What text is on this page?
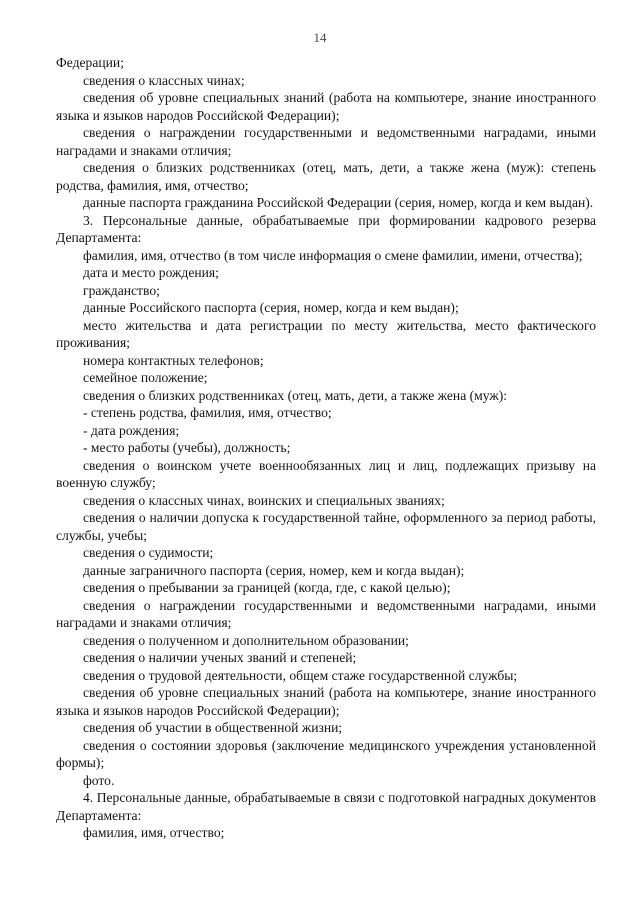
14

Федерации;

сведения о классных чинах;

сведения об уровне специальных знаний (работа на компьютере, знание иностранного языка и языков народов Российской Федерации);

сведения о награждении государственными и ведомственными наградами, иными наградами и знаками отличия;

сведения о близких родственниках (отец, мать, дети, а также жена (муж): степень родства, фамилия, имя, отчество;

данные паспорта гражданина Российской Федерации (серия, номер, когда и кем выдан).

3. Персональные данные, обрабатываемые при формировании кадрового резерва Департамента:

фамилия, имя, отчество (в том числе информация о смене фамилии, имени, отчества);

дата и место рождения;

гражданство;

данные Российского паспорта (серия, номер, когда и кем выдан);

место жительства и дата регистрации по месту жительства, место фактического проживания;

номера контактных телефонов;

семейное положение;

сведения о близких родственниках (отец, мать, дети, а также жена (муж):

- степень родства, фамилия, имя, отчество;

- дата рождения;

- место работы (учебы), должность;

сведения о воинском учете военнообязанных лиц и лиц, подлежащих призыву на военную службу;

сведения о классных чинах, воинских и специальных званиях;

сведения о наличии допуска к государственной тайне, оформленного за период работы, службы, учебы;

сведения о судимости;

данные заграничного паспорта (серия, номер, кем и когда выдан);

сведения о пребывании за границей (когда, где, с какой целью);

сведения о награждении государственными и ведомственными наградами, иными наградами и знаками отличия;

сведения о полученном и дополнительном образовании;

сведения о наличии ученых званий и степеней;

сведения о трудовой деятельности, общем стаже государственной службы;

сведения об уровне специальных знаний (работа на компьютере, знание иностранного языка и языков народов Российской Федерации);

сведения об участии в общественной жизни;

сведения о состоянии здоровья (заключение медицинского учреждения установленной формы);

фото.

4. Персональные данные, обрабатываемые в связи с подготовкой наградных документов Департамента:

фамилия, имя, отчество;
